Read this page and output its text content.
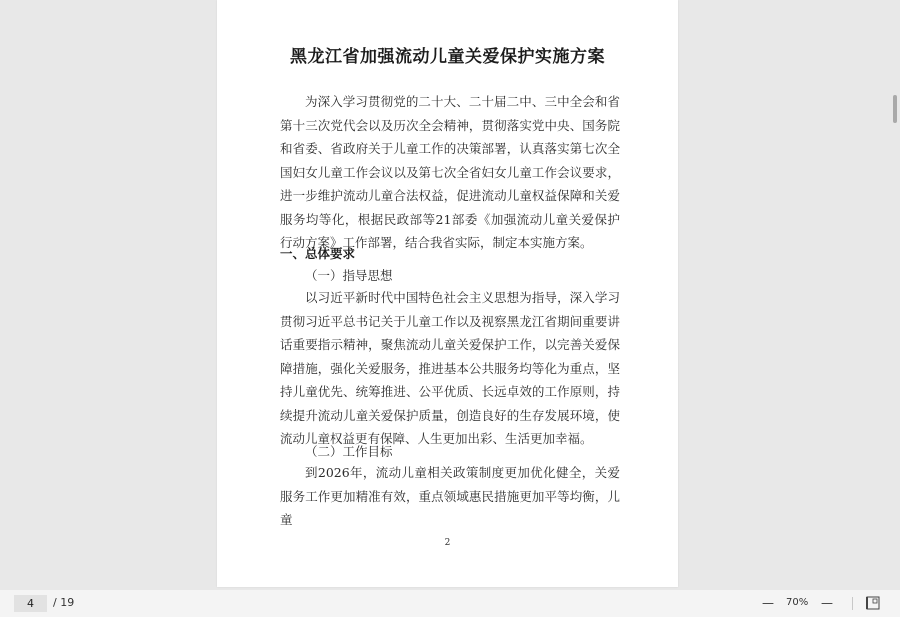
黑龙江省加强流动儿童关爱保护实施方案
为深入学习贯彻党的二十大、二十届二中、三中全会和省第十三次党代会以及历次全会精神，贯彻落实党中央、国务院和省委、省政府关于儿童工作的决策部署，认真落实第七次全国妇女儿童工作会议以及第七次全省妇女儿童工作会议要求，进一步维护流动儿童合法权益，促进流动儿童权益保障和关爱服务均等化，根据民政部等21部委《加强流动儿童关爱保护行动方案》工作部署，结合我省实际，制定本实施方案。
一、总体要求
（一）指导思想
以习近平新时代中国特色社会主义思想为指导，深入学习贯彻习近平总书记关于儿童工作以及视察黑龙江省期间重要讲话重要指示精神，聚焦流动儿童关爱保护工作，以完善关爱保障措施，强化关爱服务，推进基本公共服务均等化为重点，坚持儿童优先、统筹推进、公平优质、长远卓效的工作原则，持续提升流动儿童关爱保护质量，创造良好的生存发展环境，使流动儿童权益更有保障、人生更加出彩、生活更加幸福。
（二）工作目标
到2026年，流动儿童相关政策制度更加优化健全，关爱服务工作更加精准有效，重点领域惠民措施更加平等均衡，儿童
2
4	/ 19	— 70% —
